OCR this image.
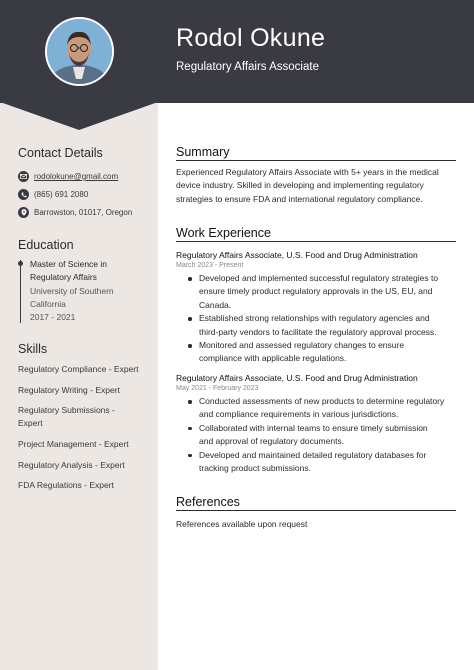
Rodol Okune
Regulatory Affairs Associate
Contact Details
rodolokune@gmail.com
(865) 691 2080
Barrowston, 01017, Oregon
Education
Master of Science in
Regulatory Affairs
University of Southern
California
2017 - 2021
Skills
Regulatory Compliance - Expert
Regulatory Writing - Expert
Regulatory Submissions -
Expert
Project Management - Expert
Regulatory Analysis - Expert
FDA Regulations - Expert
Summary
Experienced Regulatory Affairs Associate with 5+ years in the medical
device industry. Skilled in developing and implementing regulatory
strategies to ensure FDA and international regulatory compliance.
Work Experience
Regulatory Affairs Associate, U.S. Food and Drug Administration
March 2023 - Present
Developed and implemented successful regulatory strategies to
ensure timely product regulatory approvals in the US, EU, and
Canada.
Established strong relationships with regulatory agencies and
third-party vendors to facilitate the regulatory approval process.
Monitored and assessed regulatory changes to ensure
compliance with applicable regulations.
Regulatory Affairs Associate, U.S. Food and Drug Administration
May 2021 - February 2023
Conducted assessments of new products to determine regulatory
and compliance requirements in various jurisdictions.
Collaborated with internal teams to ensure timely submission
and approval of regulatory documents.
Developed and maintained detailed regulatory databases for
tracking product submissions.
References
References available upon request
